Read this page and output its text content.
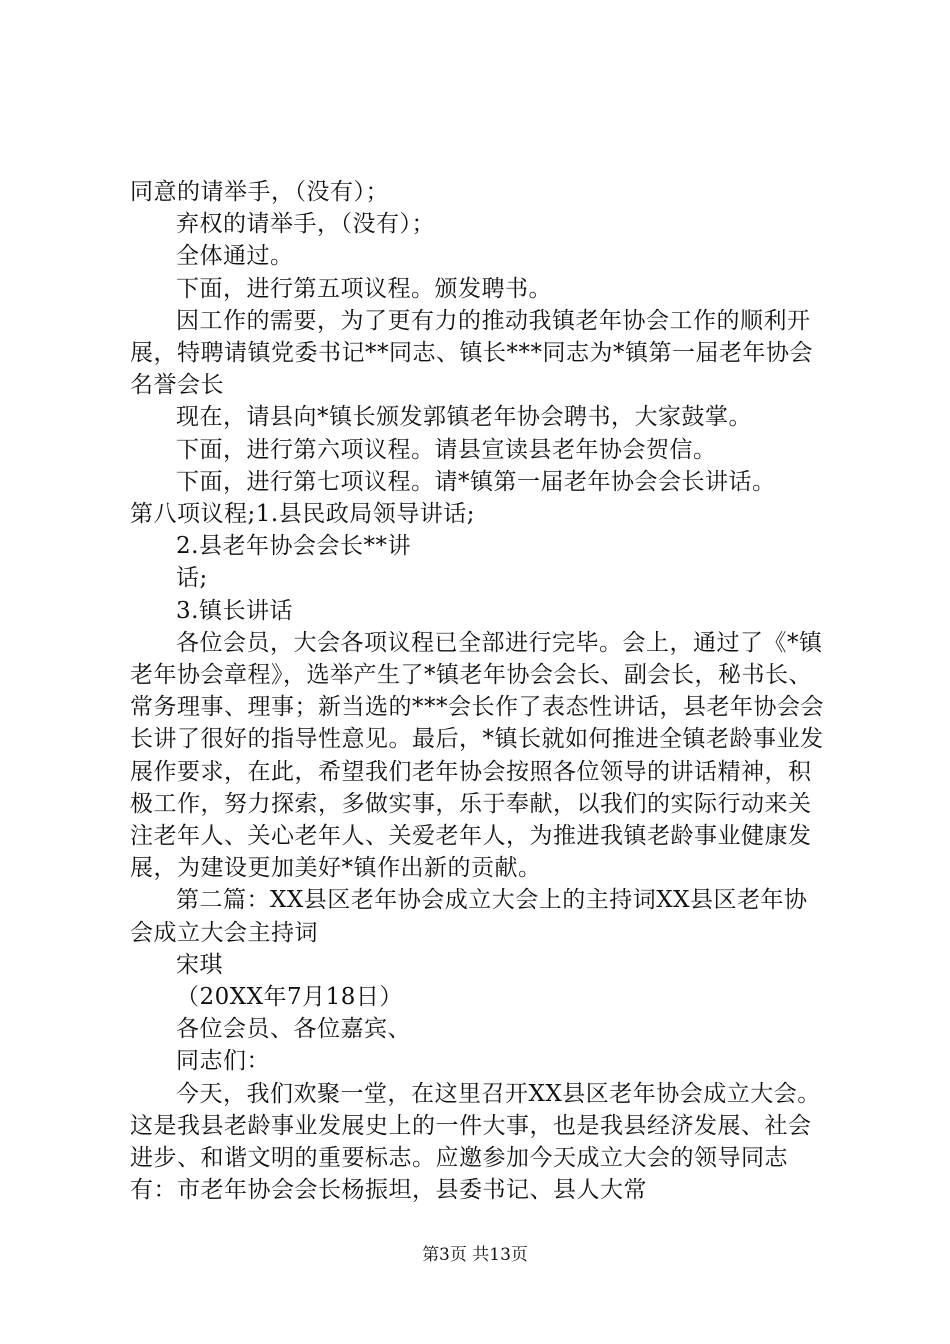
同意的请举手，（没有）；

弃权的请举手，（没有）；

全体通过。

下面，进行第五项议程。颁发聘书。

因工作的需要，为了更有力的推动我镇老年协会工作的顺利开展，特聘请镇党委书记**同志、镇长***同志为*镇第一届老年协会名誉会长

现在，请县向*镇长颁发郭镇老年协会聘书，大家鼓掌。

下面，进行第六项议程。请县宣读县老年协会贺信。

下面，进行第七项议程。请*镇第一届老年协会会长讲话。

第八项议程;1.县民政局领导讲话;

2.县老年协会会长**讲

话;

3.镇长讲话

各位会员，大会各项议程已全部进行完毕。会上，通过了《*镇老年协会章程》，选举产生了*镇老年协会会长、副会长，秘书长、常务理事、理事；新当选的***会长作了表态性讲话，县老年协会会长讲了很好的指导性意见。最后，*镇长就如何推进全镇老龄事业发展作要求，在此，希望我们老年协会按照各位领导的讲话精神，积极工作，努力探索，多做实事，乐于奉献，以我们的实际行动来关注老年人、关心老年人、关爱老年人，为推进我镇老龄事业健康发展，为建设更加美好*镇作出新的贡献。

第二篇：XX县区老年协会成立大会上的主持词XX县区老年协会成立大会主持词

宋琪

（20XX年7月18日）

各位会员、各位嘉宾、

同志们：

今天，我们欢聚一堂，在这里召开XX县区老年协会成立大会。这是我县老龄事业发展史上的一件大事，也是我县经济发展、社会进步、和谐文明的重要标志。应邀参加今天成立大会的领导同志有：市老年协会会长杨振坦，县委书记、县人大常

第3页 共13页
